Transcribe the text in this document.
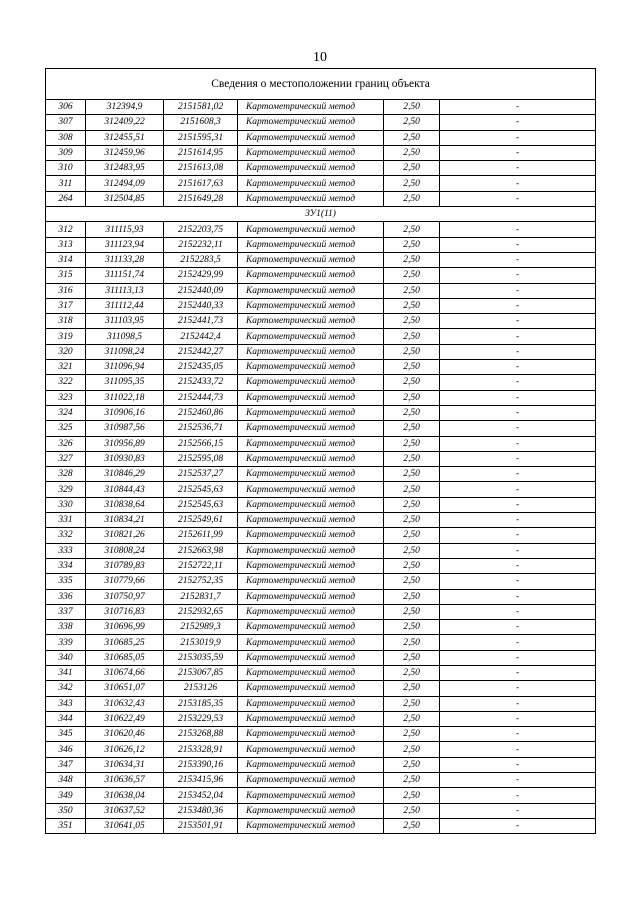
10
Сведения о местоположении границ объекта					
306	312394,9	2151581,02	Картометрический метод	2,50	-
307	312409,22	2151608,3	Картометрический метод	2,50	-
308	312455,51	2151595,31	Картометрический метод	2,50	-
309	312459,96	2151614,95	Картометрический метод	2,50	-
310	312483,95	2151613,08	Картометрический метод	2,50	-
311	312494,09	2151617,63	Картометрический метод	2,50	-
264	312504,85	2151649,28	Картометрический метод	2,50	-
ЗУ1(11)					
312	311115,93	2152203,75	Картометрический метод	2,50	-
313	311123,94	2152232,11	Картометрический метод	2,50	-
314	311133,28	2152283,5	Картометрический метод	2,50	-
315	311151,74	2152429,99	Картометрический метод	2,50	-
316	311113,13	2152440,09	Картометрический метод	2,50	-
317	311112,44	2152440,33	Картометрический метод	2,50	-
318	311103,95	2152441,73	Картометрический метод	2,50	-
319	311098,5	2152442,4	Картометрический метод	2,50	-
320	311098,24	2152442,27	Картометрический метод	2,50	-
321	311096,94	2152435,05	Картометрический метод	2,50	-
322	311095,35	2152433,72	Картометрический метод	2,50	-
323	311022,18	2152444,73	Картометрический метод	2,50	-
324	310906,16	2152460,86	Картометрический метод	2,50	-
325	310987,56	2152536,71	Картометрический метод	2,50	-
326	310956,89	2152566,15	Картометрический метод	2,50	-
327	310930,83	2152595,08	Картометрический метод	2,50	-
328	310846,29	2152537,27	Картометрический метод	2,50	-
329	310844,43	2152545,63	Картометрический метод	2,50	-
330	310838,64	2152545,63	Картометрический метод	2,50	-
331	310834,21	2152549,61	Картометрический метод	2,50	-
332	310821,26	2152611,99	Картометрический метод	2,50	-
333	310808,24	2152663,98	Картометрический метод	2,50	-
334	310789,83	2152722,11	Картометрический метод	2,50	-
335	310779,66	2152752,35	Картометрический метод	2,50	-
336	310750,97	2152831,7	Картометрический метод	2,50	-
337	310716,83	2152932,65	Картометрический метод	2,50	-
338	310696,99	2152989,3	Картометрический метод	2,50	-
339	310685,25	2153019,9	Картометрический метод	2,50	-
340	310685,05	2153035,59	Картометрический метод	2,50	-
341	310674,66	2153067,85	Картометрический метод	2,50	-
342	310651,07	2153126	Картометрический метод	2,50	-
343	310632,43	2153185,35	Картометрический метод	2,50	-
344	310622,49	2153229,53	Картометрический метод	2,50	-
345	310620,46	2153268,88	Картометрический метод	2,50	-
346	310626,12	2153328,91	Картометрический метод	2,50	-
347	310634,31	2153390,16	Картометрический метод	2,50	-
348	310636,57	2153415,96	Картометрический метод	2,50	-
349	310638,04	2153452,04	Картометрический метод	2,50	-
350	310637,52	2153480,36	Картометрический метод	2,50	-
351	310641,05	2153501,91	Картометрический метод	2,50	-
